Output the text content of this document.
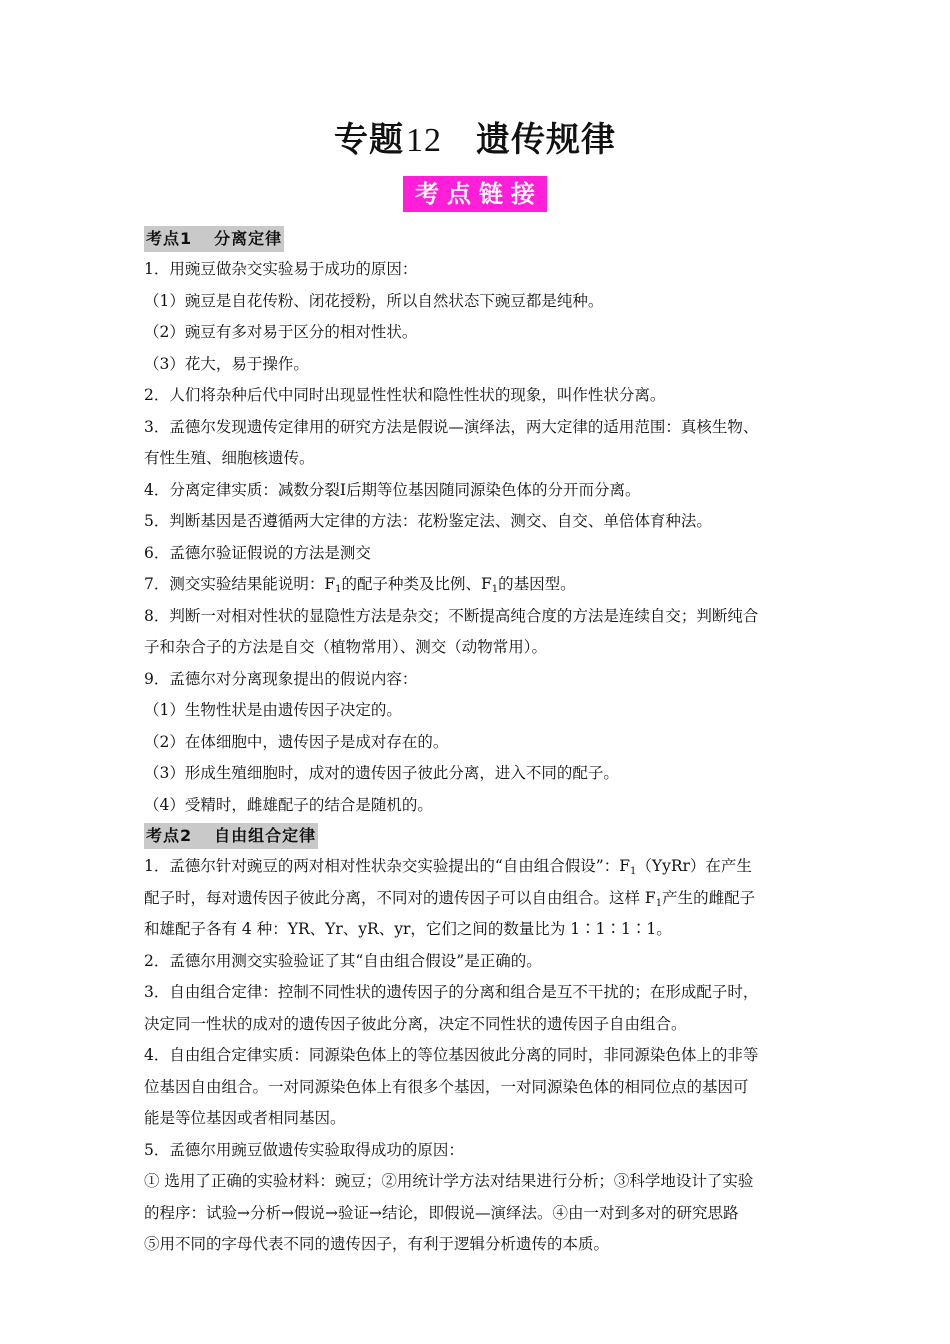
专题12 遗传规律
考点链接
考点1 分离定律
1．用豌豆做杂交实验易于成功的原因：
（1）豌豆是自花传粉、闭花授粉，所以自然状态下豌豆都是纯种。
（2）豌豆有多对易于区分的相对性状。
（3）花大，易于操作。
2．人们将杂种后代中同时出现显性性状和隐性性状的现象，叫作性状分离。
3．孟德尔发现遗传定律用的研究方法是假说—演绎法，两大定律的适用范围：真核生物、
有性生殖、细胞核遗传。
4．分离定律实质：减数分裂Ⅰ后期等位基因随同源染色体的分开而分离。
5．判断基因是否遵循两大定律的方法：花粉鉴定法、测交、自交、单倍体育种法。
6．孟德尔验证假说的方法是测交
7．测交实验结果能说明：$F_1$的配子种类及比例、$F_1$的基因型。
8．判断一对相对性状的显隐性方法是杂交；不断提高纯合度的方法是连续自交；判断纯合
子和杂合子的方法是自交（植物常用）、测交（动物常用）。
9．孟德尔对分离现象提出的假说内容：
（1）生物性状是由遗传因子决定的。
（2）在体细胞中，遗传因子是成对存在的。
（3）形成生殖细胞时，成对的遗传因子彼此分离，进入不同的配子。
（4）受精时，雌雄配子的结合是随机的。
考点2 自由组合定律
1．孟德尔针对豌豆的两对相对性状杂交实验提出的“自由组合假设”：$F_1(YyRr)$在产生
配子时，每对遗传因子彼此分离，不同对的遗传因子可以自由组合。这样 $F_1$产生的雌配子
和雄配子各有 4 种：YR、Yr、yR、yr，它们之间的数量比为 1∶1∶1∶1。
2．孟德尔用测交实验验证了其“自由组合假设”是正确的。
3．自由组合定律：控制不同性状的遗传因子的分离和组合是互不干扰的；在形成配子时，
决定同一性状的成对的遗传因子彼此分离，决定不同性状的遗传因子自由组合。
4．自由组合定律实质：同源染色体上的等位基因彼此分离的同时，非同源染色体上的非等
位基因自由组合。一对同源染色体上有很多个基因，一对同源染色体的相同位点的基因可
能是等位基因或者相同基因。
5．孟德尔用豌豆做遗传实验取得成功的原因：
① 选用了正确的实验材料：豌豆；②用统计学方法对结果进行分析；③科学地设计了实验
的程序：试验→分析→假说→验证→结论，即假说—演绎法。④由一对到多对的研究思路
⑤用不同的字母代表不同的遗传因子，有利于逻辑分析遗传的本质。
